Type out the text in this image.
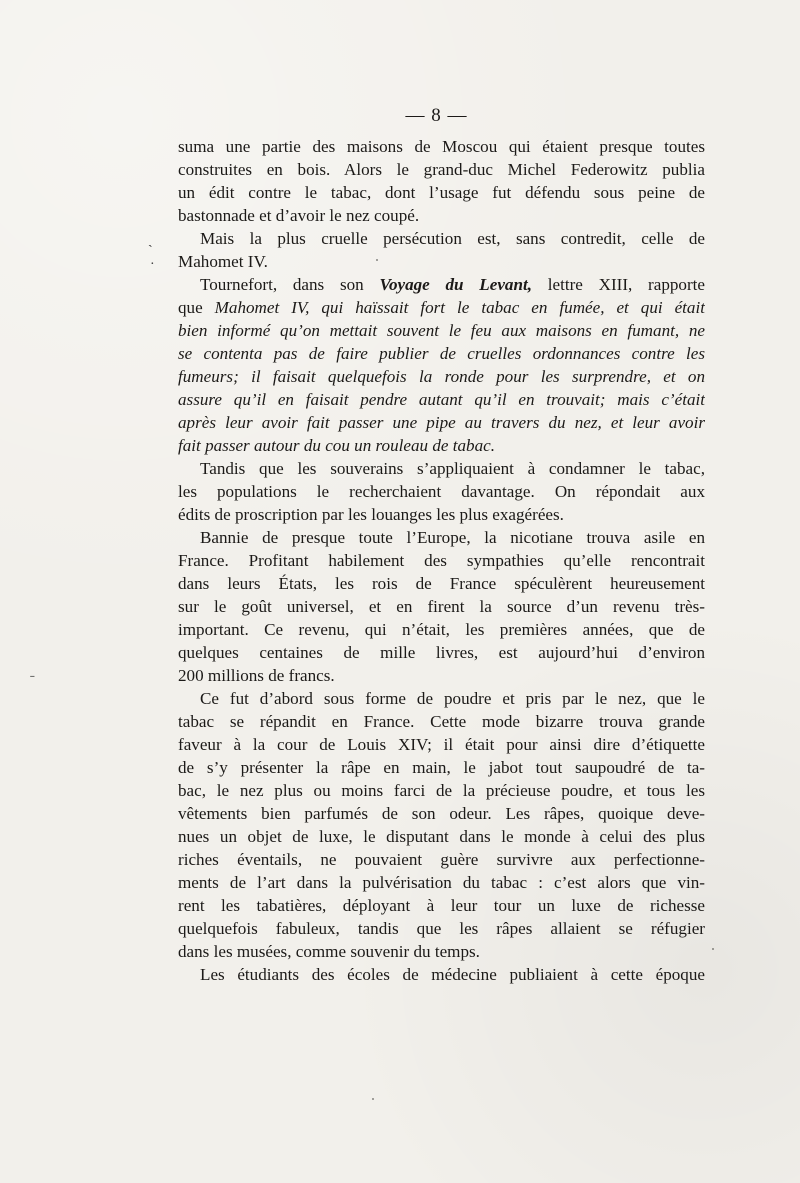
— 8 —
suma une partie des maisons de Moscou qui étaient presque toutes
construites en bois. Alors le grand-duc Michel Federowitz publia
un édit contre le tabac, dont l’usage fut défendu sous peine de
bastonnade et d’avoir le nez coupé.
Mais la plus cruelle persécution est, sans contredit, celle de
Mahomet IV.
Tournefort, dans son Voyage du Levant, lettre XIII, rapporte
que Mahomet IV, qui haïssait fort le tabac en fumée, et qui était
bien informé qu’on mettait souvent le feu aux maisons en fumant, ne
se contenta pas de faire publier de cruelles ordonnances contre les
fumeurs; il faisait quelquefois la ronde pour les surprendre, et on
assure qu’il en faisait pendre autant qu’il en trouvait; mais c’était
après leur avoir fait passer une pipe au travers du nez, et leur avoir
fait passer autour du cou un rouleau de tabac.
Tandis que les souverains s’appliquaient à condamner le tabac,
les populations le recherchaient davantage. On répondait aux
édits de proscription par les louanges les plus exagérées.
Bannie de presque toute l’Europe, la nicotiane trouva asile en
France. Profitant habilement des sympathies qu’elle rencontrait
dans leurs États, les rois de France spéculèrent heureusement
sur le goût universel, et en firent la source d’un revenu très-
important. Ce revenu, qui n’était, les premières années, que de
quelques centaines de mille livres, est aujourd’hui d’environ
200 millions de francs.
Ce fut d’abord sous forme de poudre et pris par le nez, que le
tabac se répandit en France. Cette mode bizarre trouva grande
faveur à la cour de Louis XIV; il était pour ainsi dire d’étiquette
de s’y présenter la râpe en main, le jabot tout saupoudré de ta-
bac, le nez plus ou moins farci de la précieuse poudre, et tous les
vêtements bien parfumés de son odeur. Les râpes, quoique deve-
nues un objet de luxe, le disputant dans le monde à celui des plus
riches éventails, ne pouvaient guère survivre aux perfectionne-
ments de l’art dans la pulvérisation du tabac : c’est alors que vin-
rent les tabatières, déployant à leur tour un luxe de richesse
quelquefois fabuleux, tandis que les râpes allaient se réfugier
dans les musées, comme souvenir du temps.
Les étudiants des écoles de médecine publiaient à cette époque
ˏ
·
˗
